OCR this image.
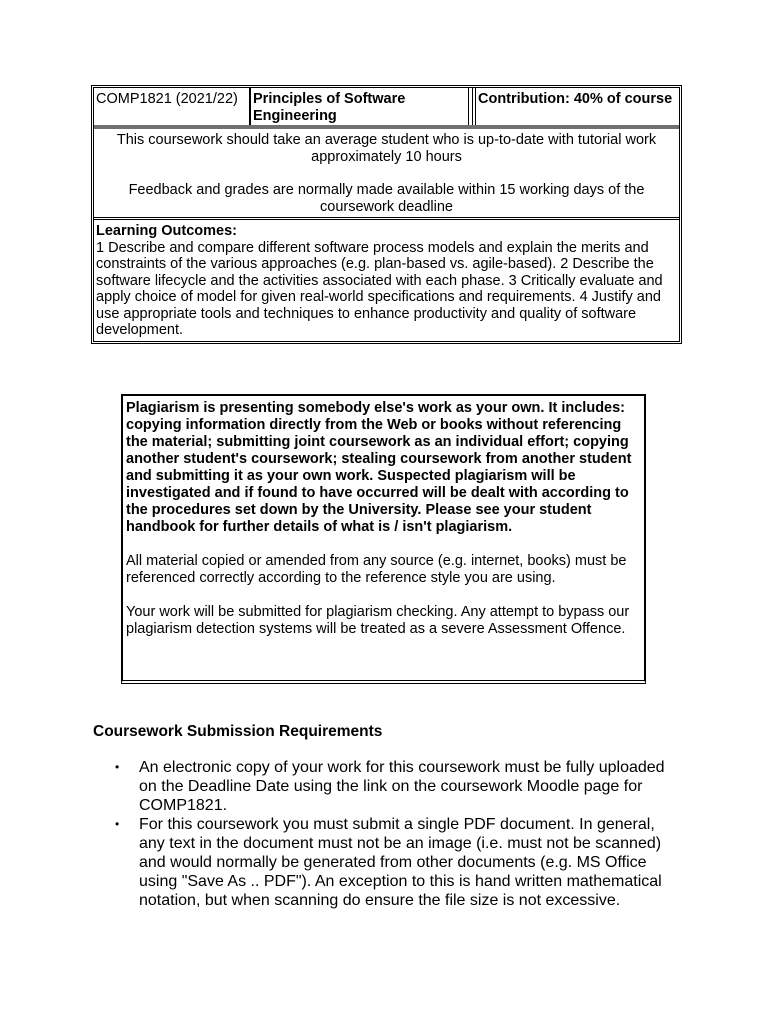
COMP1821 (2021/22)	Principles of Software Engineering
Contribution: 40% of course

This coursework should take an average student who is up-to-date with tutorial work approximately 10 hours

Feedback and grades are normally made available within 15 working days of the coursework deadline

Learning Outcomes:
1 Describe and compare different software process models and explain the merits and constraints of the various approaches (e.g. plan-based vs. agile-based). 2 Describe the software lifecycle and the activities associated with each phase. 3 Critically evaluate and apply choice of model for given real-world specifications and requirements. 4 Justify and use appropriate tools and techniques to enhance productivity and quality of software development.

Plagiarism is presenting somebody else's work as your own. It includes: copying information directly from the Web or books without referencing the material; submitting joint coursework as an individual effort; copying another student's coursework; stealing coursework from another student and submitting it as your own work. Suspected plagiarism will be investigated and if found to have occurred will be dealt with according to the procedures set down by the University. Please see your student handbook for further details of what is / isn't plagiarism.

All material copied or amended from any source (e.g. internet, books) must be referenced correctly according to the reference style you are using.

Your work will be submitted for plagiarism checking. Any attempt to bypass our plagiarism detection systems will be treated as a severe Assessment Offence.

Coursework Submission Requirements
• An electronic copy of your work for this coursework must be fully uploaded on the Deadline Date using the link on the coursework Moodle page for COMP1821.
• For this coursework you must submit a single PDF document. In general, any text in the document must not be an image (i.e. must not be scanned) and would normally be generated from other documents (e.g. MS Office using "Save As .. PDF"). An exception to this is hand written mathematical notation, but when scanning do ensure the file size is not excessive.
